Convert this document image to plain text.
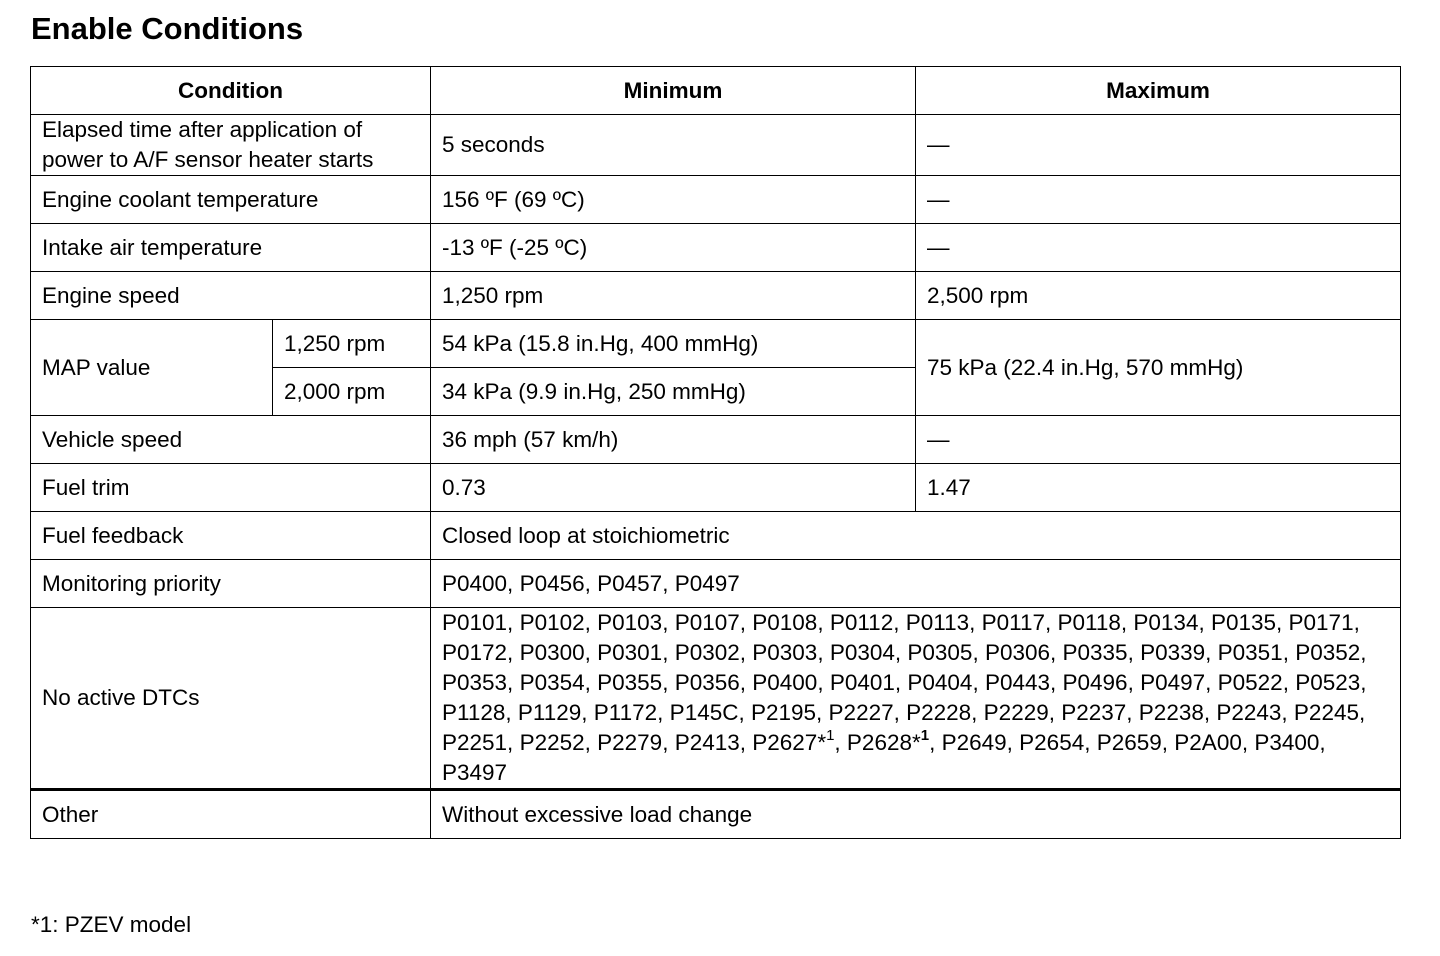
Enable Conditions
Condition		Minimum	Maximum
Elapsed time after application of power to A/F sensor heater starts		5 seconds	—
Engine coolant temperature		156 ºF (69 ºC)	—
Intake air temperature		-13 ºF (-25 ºC)	—
Engine speed		1,250 rpm	2,500 rpm
MAP value	1,250 rpm	54 kPa (15.8 in.Hg, 400 mmHg)	75 kPa (22.4 in.Hg, 570 mmHg)
	2,000 rpm	34 kPa (9.9 in.Hg, 250 mmHg)	
Vehicle speed		36 mph (57 km/h)	—
Fuel trim		0.73	1.47
Fuel feedback		Closed loop at stoichiometric	
Monitoring priority		P0400, P0456, P0457, P0497	
No active DTCs		P0101, P0102, P0103, P0107, P0108, P0112, P0113, P0117, P0118, P0134, P0135, P0171, P0172, P0300, P0301, P0302, P0303, P0304, P0305, P0306, P0335, P0339, P0351, P0352, P0353, P0354, P0355, P0356, P0400, P0401, P0404, P0443, P0496, P0497, P0522, P0523, P1128, P1129, P1172, P145C, P2195, P2227, P2228, P2229, P2237, P2238, P2243, P2245, P2251, P2252, P2279, P2413, P2627*$^1$, P2628*$^1$, P2649, P2654, P2659, P2A00, P3400, P3497	
Other		Without excessive load change	
*1: PZEV model
